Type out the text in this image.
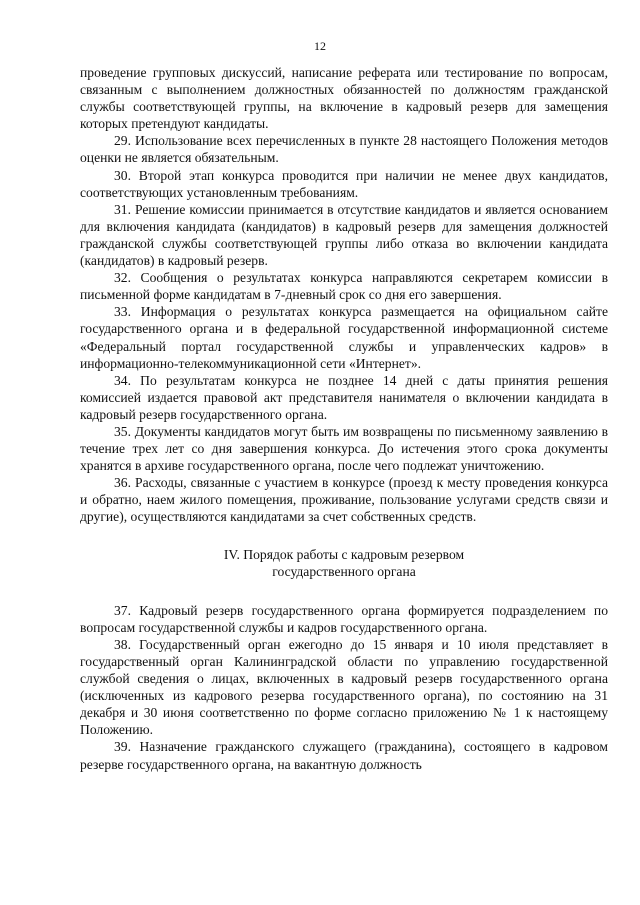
12

проведение групповых дискуссий, написание реферата или тестирование по вопросам, связанным с выполнением должностных обязанностей по должностям гражданской службы соответствующей группы, на включение в кадровый резерв для замещения которых претендуют кандидаты.

29. Использование всех перечисленных в пункте 28 настоящего Положения методов оценки не является обязательным.

30. Второй этап конкурса проводится при наличии не менее двух кандидатов, соответствующих установленным требованиям.

31. Решение комиссии принимается в отсутствие кандидатов и является основанием для включения кандидата (кандидатов) в кадровый резерв для замещения должностей гражданской службы соответствующей группы либо отказа во включении кандидата (кандидатов) в кадровый резерв.

32. Сообщения о результатах конкурса направляются секретарем комиссии в письменной форме кандидатам в 7-дневный срок со дня его завершения.

33. Информация о результатах конкурса размещается на официальном сайте государственного органа и в федеральной государственной информационной системе «Федеральный портал государственной службы и управленческих кадров» в информационно-телекоммуникационной сети «Интернет».

34. По результатам конкурса не позднее 14 дней с даты принятия решения комиссией издается правовой акт представителя нанимателя о включении кандидата в кадровый резерв государственного органа.

35. Документы кандидатов могут быть им возвращены по письменному заявлению в течение трех лет со дня завершения конкурса. До истечения этого срока документы хранятся в архиве государственного органа, после чего подлежат уничтожению.

36. Расходы, связанные с участием в конкурсе (проезд к месту проведения конкурса и обратно, наем жилого помещения, проживание, пользование услугами средств связи и другие), осуществляются кандидатами за счет собственных средств.

IV. Порядок работы с кадровым резервом
государственного органа

37. Кадровый резерв государственного органа формируется подразделением по вопросам государственной службы и кадров государственного органа.

38. Государственный орган ежегодно до 15 января и 10 июля представляет в государственный орган Калининградской области по управлению государственной службой сведения о лицах, включенных в кадровый резерв государственного органа (исключенных из кадрового резерва государственного органа), по состоянию на 31 декабря и 30 июня соответственно по форме согласно приложению № 1 к настоящему Положению.

39. Назначение гражданского служащего (гражданина), состоящего в кадровом резерве государственного органа, на вакантную должность
